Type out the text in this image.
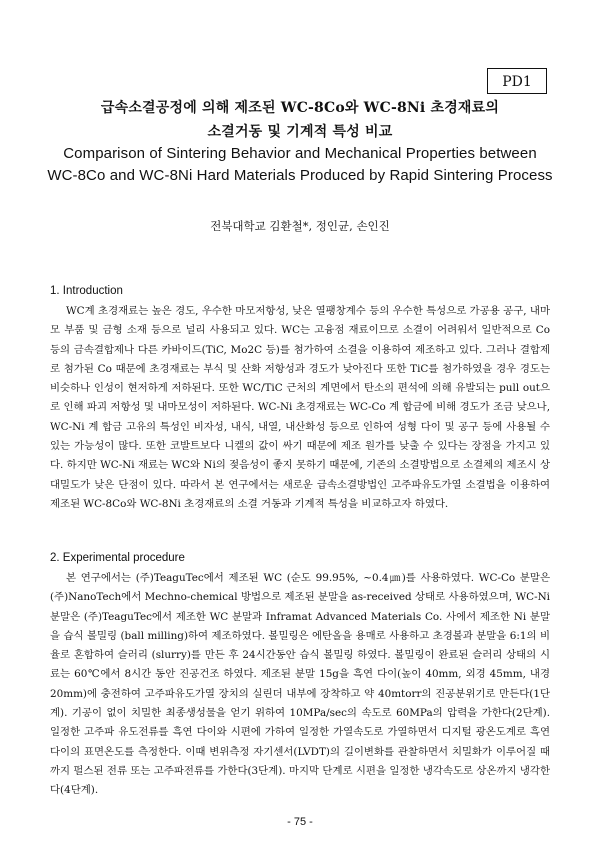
PD1
급속소결공정에 의해 제조된 WC-8Co와 WC-8Ni 초경재료의
소결거동 및 기계적 특성 비교
Comparison of Sintering Behavior and Mechanical Properties between
WC-8Co and WC-8Ni Hard Materials Produced by Rapid Sintering Process
전북대학교 김환철*, 정인균, 손인진
1. Introduction

WC계 초경재료는 높은 경도, 우수한 마모저항성, 낮은 열팽창계수 등의 우수한 특성으로 가공용 공구, 내마모 부품 및 금형 소재 등으로 널리 사용되고 있다. WC는 고융점 재료이므로 소결이 어려워서 일반적으로 Co 등의 금속결합제나 다른 카바이드(TiC, Mo2C 등)를 첨가하여 소결을 이용하여 제조하고 있다. 그러나 결합제로 첨가된 Co 때문에 초경재료는 부식 및 산화 저항성과 경도가 낮아진다 또한 TiC를 첨가하였을 경우 경도는 비슷하나 인성이 현저하게 저하된다. 또한 WC/TiC 근처의 계면에서 탄소의 편석에 의해 유발되는 pull out으로 인해 파괴 저항성 및 내마모성이 저하된다. WC-Ni 초경재료는 WC-Co 계 합금에 비해 경도가 조금 낮으나, WC-Ni 계 합금 고유의 특성인 비자성, 내식, 내열, 내산화성 등으로 인하여 성형 다이 및 공구 등에 사용될 수 있는 가능성이 많다. 또한 코발트보다 니켈의 값이 싸기 때문에 제조 원가를 낮출 수 있다는 장점을 가지고 있다. 하지만 WC-Ni 재료는 WC와 Ni의 젖음성이 좋지 못하기 때문에, 기존의 소결방법으로 소결체의 제조시 상대밀도가 낮은 단점이 있다. 따라서 본 연구에서는 새로운 급속소결방법인 고주파유도가열 소결법을 이용하여 제조된 WC-8Co와 WC-8Ni 초경재료의 소결 거동과 기계적 특성을 비교하고자 하였다.

2. Experimental procedure

본 연구에서는 (주)TeaguTec에서 제조된 WC (순도 99.95%, ~0.4㎛)를 사용하였다. WC-Co 분말은 (주)NanoTech에서 Mechno-chemical 방법으로 제조된 분말을 as-received 상태로 사용하였으며, WC-Ni 분말은 (주)TeaguTec에서 제조한 WC 분말과 Inframat Advanced Materials Co. 사에서 제조한 Ni 분말을 습식 볼밀링 (ball milling)하여 제조하였다. 볼밀링은 에탄올을 용매로 사용하고 초경볼과 분말을 6:1의 비율로 혼합하여 슬러리 (slurry)를 만든 후 24시간동안 습식 볼밀링 하였다. 볼밀링이 완료된 슬러리 상태의 시료는 60℃에서 8시간 동안 진공건조 하였다. 제조된 분말 15g을 흑연 다이(높이 40mm, 외경 45mm, 내경 20mm)에 충전하여 고주파유도가열 장치의 실린더 내부에 장착하고 약 40mtorr의 진공분위기로 만든다(1단계). 기공이 없이 치밀한 최종생성물을 얻기 위하여 10MPa/sec의 속도로 60MPa의 압력을 가한다(2단계). 일정한 고주파 유도전류를 흑연 다이와 시편에 가하여 일정한 가열속도로 가열하면서 디지털 광온도계로 흑연 다이의 표면온도를 측정한다. 이때 변위측정 자기센서(LVDT)의 길이변화를 관찰하면서 치밀화가 이루어질 때까지 펄스된 전류 또는 고주파전류를 가한다(3단계). 마지막 단계로 시편을 일정한 냉각속도로 상온까지 냉각한다(4단계).

- 75 -
